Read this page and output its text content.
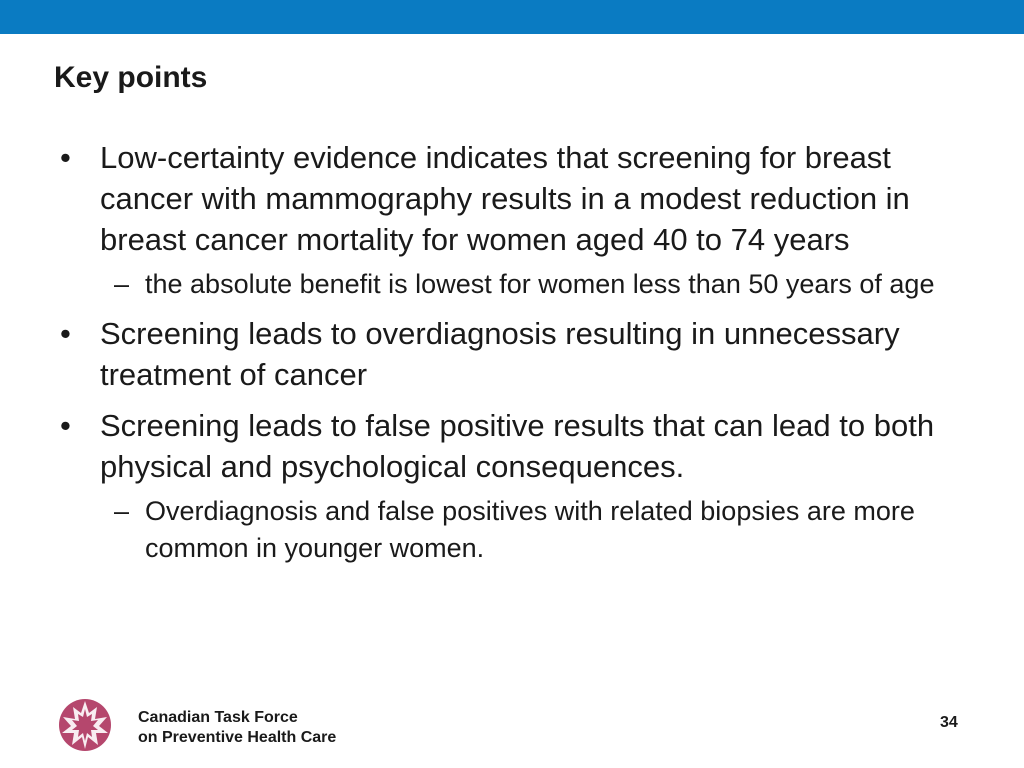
Key points
• Low-certainty evidence indicates that screening for breast cancer with mammography results in a modest reduction in breast cancer mortality for women aged 40 to 74 years
– the absolute benefit is lowest for women less than 50 years of age
• Screening leads to overdiagnosis resulting in unnecessary treatment of cancer
• Screening leads to false positive results that can lead to both physical and psychological consequences.
– Overdiagnosis and false positives with related biopsies are more common in younger women.
Canadian Task Force
on Preventive Health Care
34
